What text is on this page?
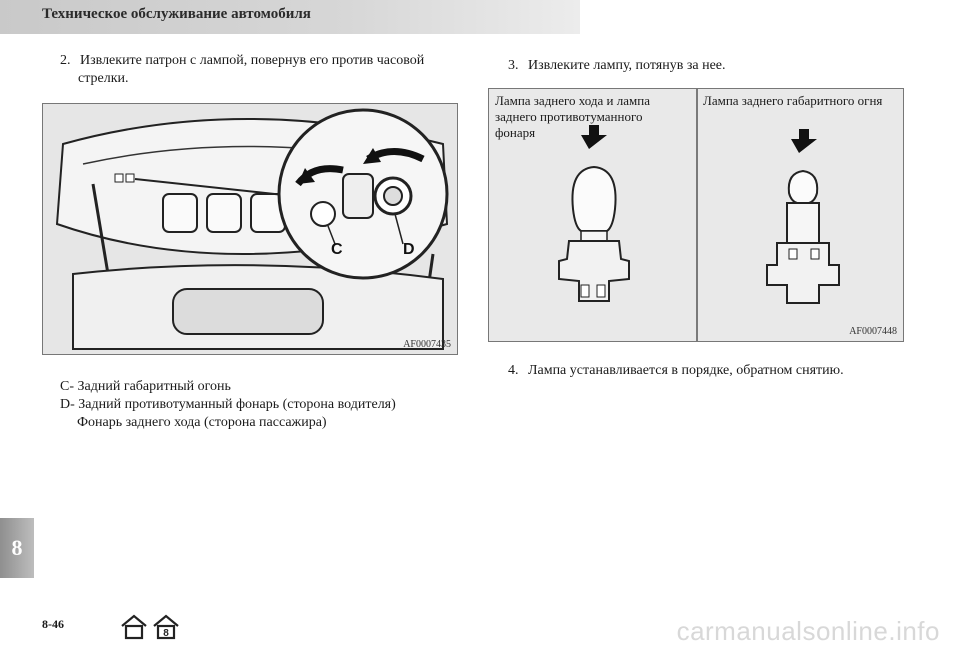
Техническое обслуживание автомобиля
2. Извлеките патрон с лампой, повернув его против часовой
стрелки.
C	D
AF0007435
C- Задний габаритный огонь
D- Задний противотуманный фонарь (сторона водителя)
Фонарь заднего хода (сторона пассажира)
3. Извлеките лампу, потянув за нее.
Лампа заднего хода и лампа
заднего противотуманного
фонаря
Лампа заднего габаритного огня
AF0007448
4. Лампа устанавливается в порядке, обратном снятию.
8
8-46
8	carmanualsonline.info
